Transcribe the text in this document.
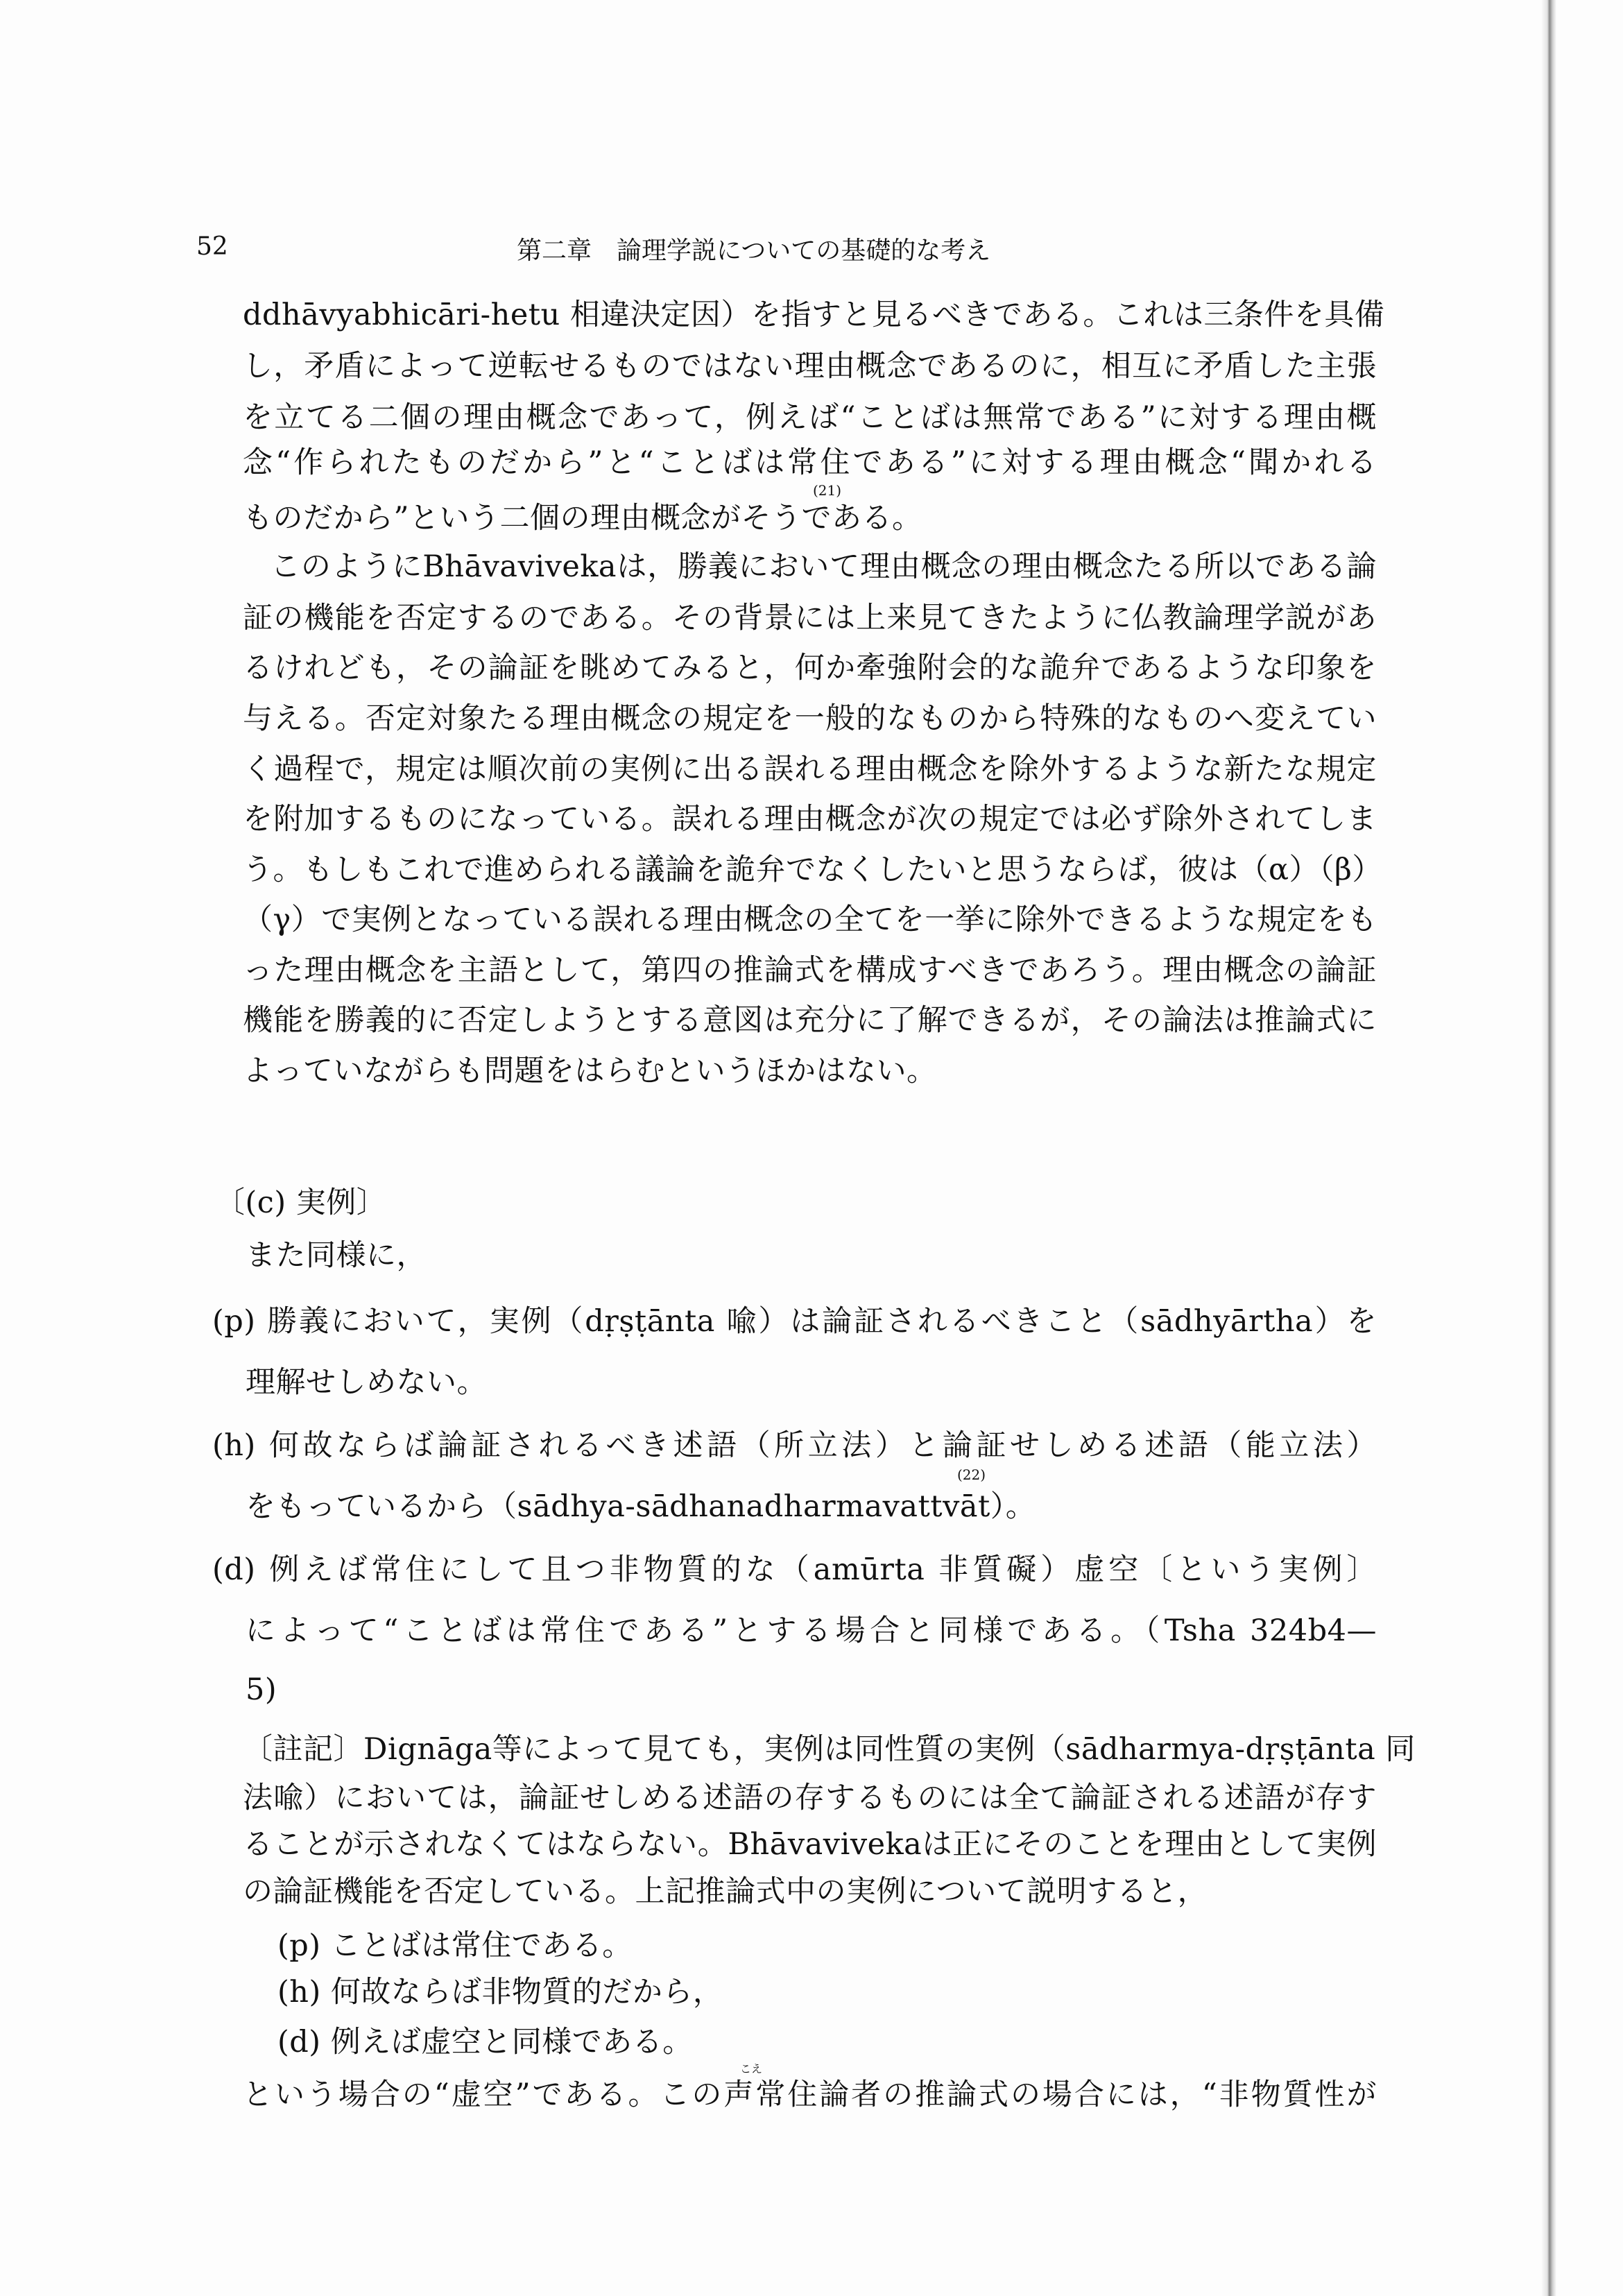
52	第二章　論理学説についての基礎的な考え
ddhāvyabhicāri-hetu 相違決定因）を指すと見るべきである。これは三条件を具備
し，矛盾によって逆転せるものではない理由概念であるのに，相互に矛盾した主張
を立てる二個の理由概念であって，例えば“ことばは無常である”に対する理由概
念“作られたものだから”と“ことばは常住である”に対する理由概念“聞かれる
(21)
ものだから”という二個の理由概念がそうである。
このようにBhāvavivekaは，勝義において理由概念の理由概念たる所以である論
証の機能を否定するのである。その背景には上来見てきたように仏教論理学説があ
るけれども，その論証を眺めてみると，何か牽強附会的な詭弁であるような印象を
与える。否定対象たる理由概念の規定を一般的なものから特殊的なものへ変えてい
く過程で，規定は順次前の実例に出る誤れる理由概念を除外するような新たな規定
を附加するものになっている。誤れる理由概念が次の規定では必ず除外されてしま
う。もしもこれで進められる議論を詭弁でなくしたいと思うならば，彼は（α）（β）
（γ）で実例となっている誤れる理由概念の全てを一挙に除外できるような規定をも
った理由概念を主語として，第四の推論式を構成すべきであろう。理由概念の論証
機能を勝義的に否定しようとする意図は充分に了解できるが，その論法は推論式に
よっていながらも問題をはらむというほかはない。
〔(c) 実例〕
また同様に，
(p) 勝義において，実例（dṛṣṭānta 喩）は論証されるべきこと（sādhyārtha）を
理解せしめない。
(h) 何故ならば論証されるべき述語（所立法）と論証せしめる述語（能立法）
(22)
をもっているから（sādhya-sādhanadharmavattvāt）。
(d) 例えば常住にして且つ非物質的な（amūrta 非質礙）虚空〔という実例〕
によって“ことばは常住である”とする場合と同様である。（Tsha 324b4—
5)
〔註記〕Dignāga等によって見ても，実例は同性質の実例（sādharmya-dṛṣṭānta 同
法喩）においては，論証せしめる述語の存するものには全て論証される述語が存す
ることが示されなくてはならない。Bhāvavivekaは正にそのことを理由として実例
の論証機能を否定している。上記推論式中の実例について説明すると，
(p) ことばは常住である。
(h) 何故ならば非物質的だから，
(d) 例えば虚空と同様である。
こえ
という場合の“虚空”である。この声常住論者の推論式の場合には，“非物質性が
